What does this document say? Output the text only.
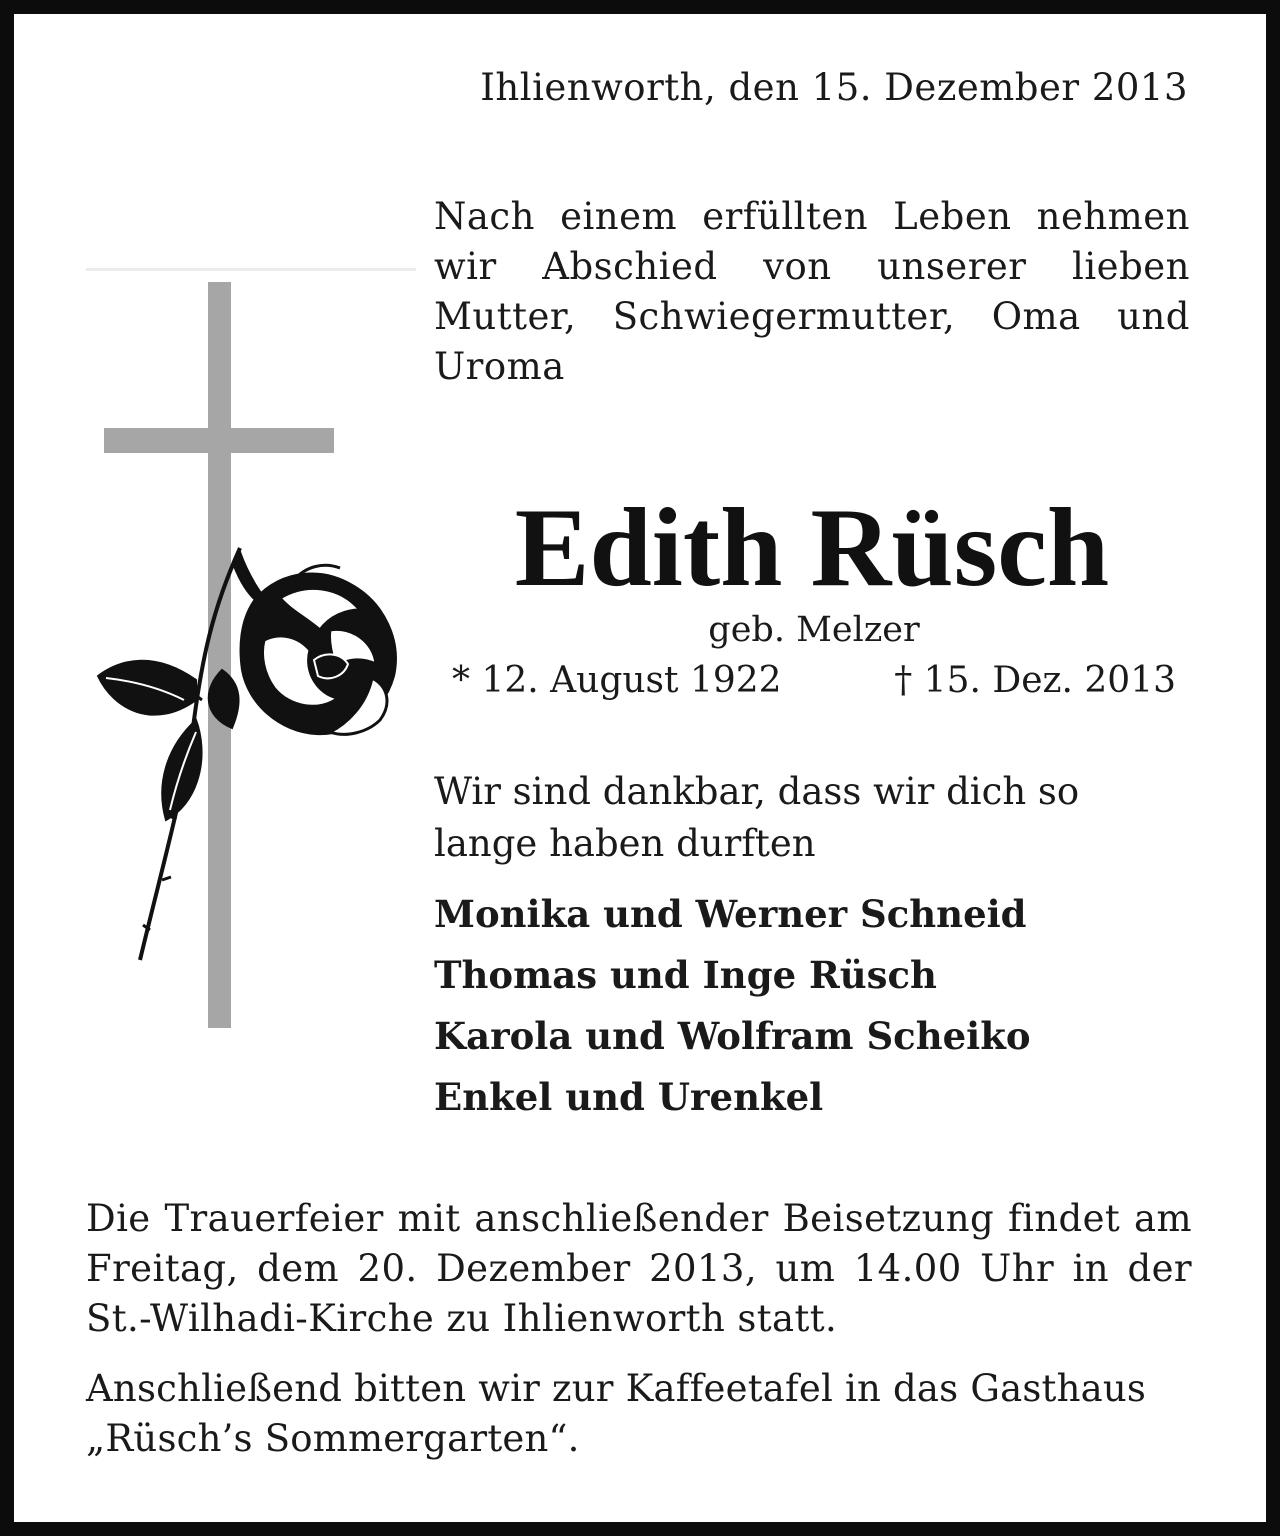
Ihlienworth, den 15. Dezember 2013
Nach einem erfüllten Leben nehmen wir Abschied von unserer lieben Mutter, Schwiegermutter, Oma und Uroma
Edith Rüsch
geb. Melzer
* 12. August 1922	† 15. Dez. 2013
Wir sind dankbar, dass wir dich so lange haben durften
Monika und Werner Schneid
Thomas und Inge Rüsch
Karola und Wolfram Scheiko
Enkel und Urenkel
Die Trauerfeier mit anschließender Beisetzung findet am Freitag, dem 20. Dezember 2013, um 14.00 Uhr in der St.-Wilhadi-Kirche zu Ihlienworth statt.
Anschließend bitten wir zur Kaffeetafel in das Gasthaus „Rüsch’s Sommergarten“.
